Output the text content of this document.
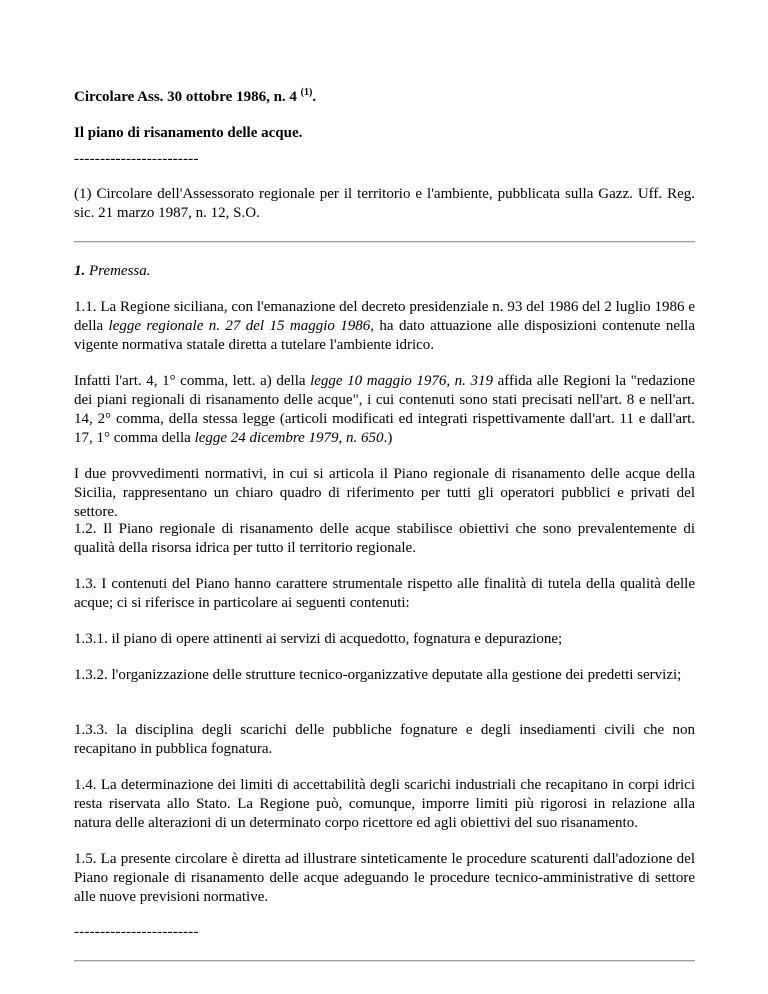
Circolare Ass. 30 ottobre 1986, n. 4 $^{(1)}$.
Il piano di risanamento delle acque.
------------------------
(1) Circolare dell'Assessorato regionale per il territorio e l'ambiente, pubblicata sulla Gazz. Uff. Reg. sic. 21 marzo 1987, n. 12, S.O.
1. Premessa.
1.1. La Regione siciliana, con l'emanazione del decreto presidenziale n. 93 del 1986 del 2 luglio 1986 e della legge regionale n. 27 del 15 maggio 1986, ha dato attuazione alle disposizioni contenute nella vigente normativa statale diretta a tutelare l'ambiente idrico.
Infatti l'art. 4, 1° comma, lett. a) della legge 10 maggio 1976, n. 319 affida alle Regioni la "redazione dei piani regionali di risanamento delle acque", i cui contenuti sono stati precisati nell'art. 8 e nell'art. 14, 2° comma, della stessa legge (articoli modificati ed integrati rispettivamente dall'art. 11 e dall'art. 17, 1° comma della legge 24 dicembre 1979, n. 650.)
I due provvedimenti normativi, in cui si articola il Piano regionale di risanamento delle acque della Sicilia, rappresentano un chiaro quadro di riferimento per tutti gli operatori pubblici e privati del settore.
1.2. Il Piano regionale di risanamento delle acque stabilisce obiettivi che sono prevalentemente di qualità della risorsa idrica per tutto il territorio regionale.
1.3. I contenuti del Piano hanno carattere strumentale rispetto alle finalità di tutela della qualità delle acque; ci si riferisce in particolare ai seguenti contenuti:
1.3.1. il piano di opere attinenti ai servizi di acquedotto, fognatura e depurazione;
1.3.2. l'organizzazione delle strutture tecnico-organizzative deputate alla gestione dei predetti servizi;
1.3.3. la disciplina degli scarichi delle pubbliche fognature e degli insediamenti civili che non recapitano in pubblica fognatura.
1.4. La determinazione dei limiti di accettabilità degli scarichi industriali che recapitano in corpi idrici resta riservata allo Stato. La Regione può, comunque, imporre limiti più rigorosi in relazione alla natura delle alterazioni di un determinato corpo ricettore ed agli obiettivi del suo risanamento.
1.5. La presente circolare è diretta ad illustrare sinteticamente le procedure scaturenti dall'adozione del Piano regionale di risanamento delle acque adeguando le procedure tecnico-amministrative di settore alle nuove previsioni normative.
------------------------
